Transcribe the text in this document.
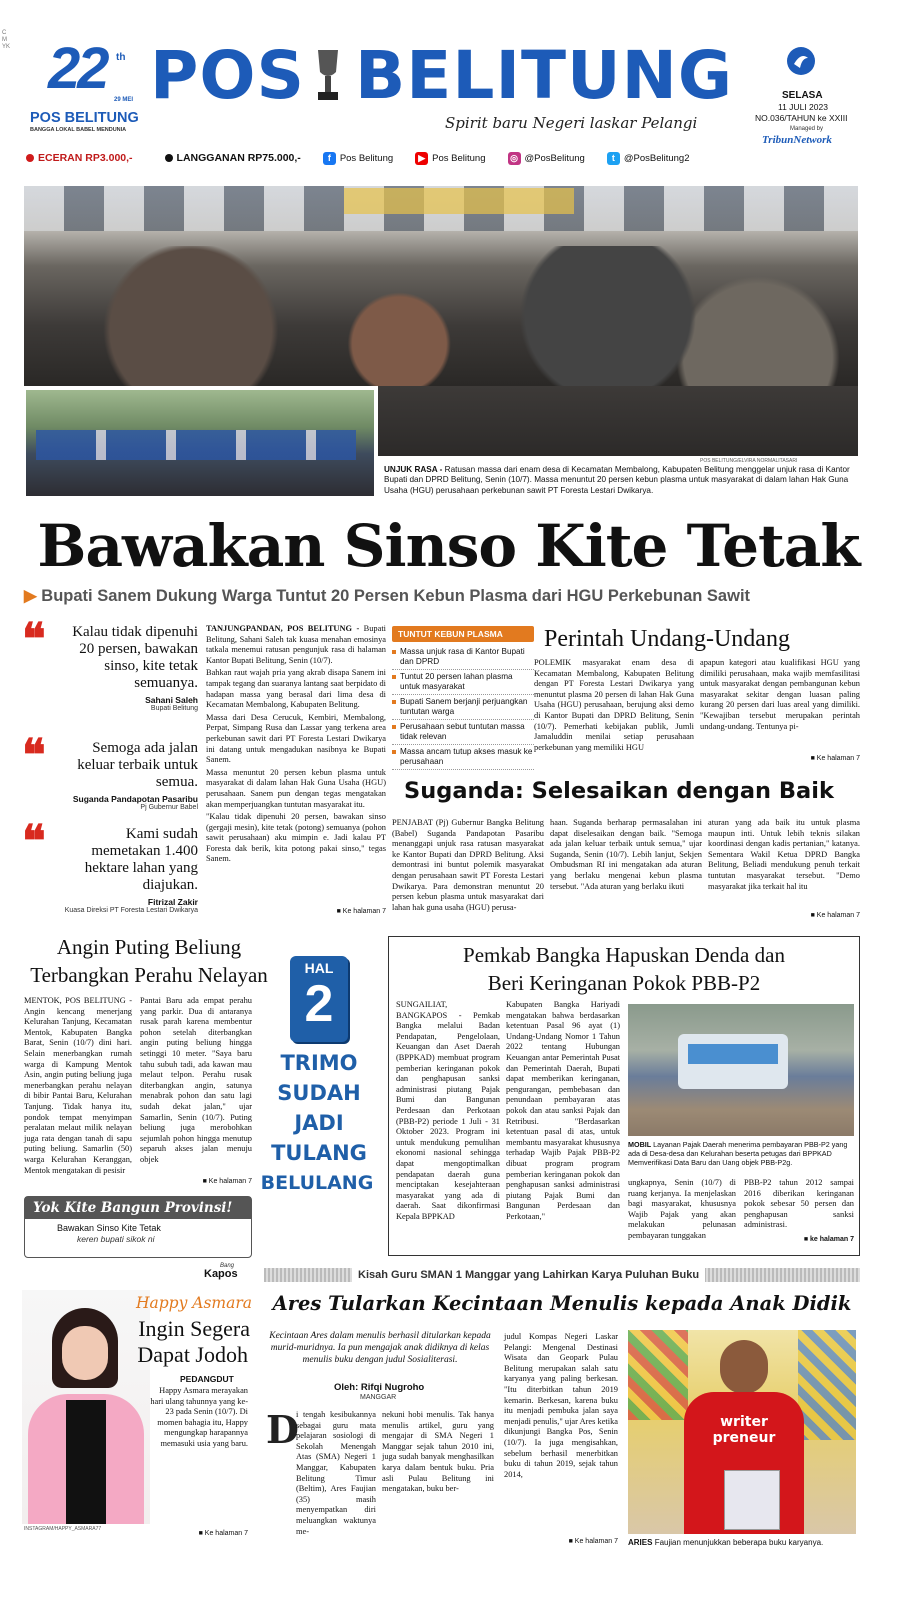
CMYK 22 th
29 MEI
POS BELITUNG
BANGGA LOKAL BABEL MENDUNIA
POS BELITUNG
Spirit baru Negeri laskar Pelangi
SELASA
11 JULI 2023
NO.036/TAHUN ke XXIII
Managed by
TribunNetwork
ECERAN RP3.000,-	LANGGANAN RP75.000,-	f Pos Belitung	▶ Pos Belitung	◎ @PosBelitung	t @PosBelitung2
POS BELITUNG/ELVIRA NORMALITASARI
UNJUK RASA - Ratusan massa dari enam desa di Kecamatan Membalong, Kabupaten Belitung menggelar unjuk rasa di Kantor Bupati dan DPRD Belitung, Senin (10/7). Massa menuntut 20 persen kebun plasma untuk masyarakat di dalam lahan Hak Guna Usaha (HGU) perusahaan perkebunan sawit PT Foresta Lestari Dwikarya.
Bawakan Sinso Kite Tetak
▶ Bupati Sanem Dukung Warga Tuntut 20 Persen Kebun Plasma dari HGU Perkebunan Sawit
❝ Kalau tidak dipenuhi 20 persen, bawakan sinso, kite tetak semuanya.
Sahani Saleh
Bupati Belitung
❝	Semoga ada jalan keluar terbaik untuk semua.
Suganda Pandapotan Pasaribu
Pj Gubernur Babel
❝	Kami sudah memetakan 1.400 hektare lahan yang diajukan.
Fitrizal Zakir
Kuasa Direksi PT Foresta Lestari Dwikarya

TANJUNGPANDAN, POS BELITUNG - Bupati Belitung, Sahani Saleh tak kuasa menahan emosinya tatkala menemui ratusan pengunjuk rasa di halaman Kantor Bupati Belitung, Senin (10/7).

Bahkan raut wajah pria yang akrab disapa Sanem ini tampak tegang dan suaranya lantang saat berpidato di hadapan massa yang berasal dari lima desa di Kecamatan Membalong, Kabupaten Belitung.

Massa dari Desa Cerucuk, Kembiri, Membalong, Perpat, Simpang Rusa dan Lassar yang terkena area perkebunan sawit dari PT Foresta Lestari Dwikarya ini datang untuk mengadukan nasibnya ke Bupati Sanem.

Massa menuntut 20 persen kebun plasma untuk masyarakat di dalam lahan Hak Guna Usaha (HGU) perusahaan. Sanem pun dengan tegas mengatakan akan memperjuangkan tuntutan masyarakat itu.

"Kalau tidak dipenuhi 20 persen, bawakan sinso (gergaji mesin), kite tetak (potong) semuanya (pohon sawit perusahaan) aku mimpin e. Jadi kalau PT Foresta dak berik, kita potong pakai sinso," tegas Sanem.

■ Ke halaman 7
TUNTUT KEBUN PLASMA
Massa unjuk rasa di Kantor Bupati dan DPRD
Tuntut 20 persen lahan plasma untuk masyarakat
Bupati Sanem berjanji perjuangkan tuntutan warga
Perusahaan sebut tuntutan massa tidak relevan
Massa ancam tutup akses masuk ke perusahaan
Perintah Undang-Undang
POLEMIK masyarakat enam desa di Kecamatan Membalong, Kabupaten Belitung dengan PT Foresta Lestari Dwikarya yang menuntut plasma 20 persen di lahan Hak Guna Usaha (HGU) perusahaan, berujung aksi demo di Kantor Bupati dan DPRD Belitung, Senin (10/7). Pemerhati kebijakan publik, Jumli Jamaluddin menilai setiap perusahaan perkebunan yang memiliki HGU
apapun kategori atau kualifikasi HGU yang dimiliki perusahaan, maka wajib memfasilitasi untuk masyarakat dengan pembangunan kebun masyarakat sekitar dengan luasan paling kurang 20 persen dari luas areal yang dimiliki. "Kewajiban tersebut merupakan perintah undang-undang. Tentunya pi-
■ Ke halaman 7
Suganda: Selesaikan dengan Baik
PENJABAT (Pj) Gubernur Bangka Belitung (Babel) Suganda Pandapotan Pasaribu menanggapi unjuk rasa ratusan masyarakat ke Kantor Bupati dan DPRD Belitung. Aksi demontrasi ini buntut polemik masyarakat dengan perusahaan sawit PT Foresta Lestari Dwikarya. Para demonstran menuntut 20 persen kebun plasma untuk masyarakat dari lahan hak guna usaha (HGU) perusa-
haan. Suganda berharap permasalahan ini dapat diselesaikan dengan baik. "Semoga ada jalan keluar terbaik untuk semua," ujar Suganda, Senin (10/7). Lebih lanjut, Sekjen Ombudsman RI ini mengatakan ada aturan yang berlaku mengenai kebun plasma tersebut. "Ada aturan yang berlaku ikuti
aturan yang ada baik itu untuk plasma maupun inti. Untuk lebih teknis silakan koordinasi dengan kadis pertanian," katanya. Sementara Wakil Ketua DPRD Bangka Belitung, Beliadi mendukung penuh terkait tuntutan masyarakat tersebut. "Demo masyarakat jika terkait hal itu
■ Ke halaman 7
Angin Puting Beliung
Terbangkan Perahu Nelayan
MENTOK, POS BELITUNG - Angin kencang menerjang Kelurahan Tanjung, Kecamatan Mentok, Kabupaten Bangka Barat, Senin (10/7) dini hari. Selain menerbangkan rumah warga di Kampung Mentok Asin, angin puting beliung juga menerbangkan perahu nelayan di bibir Pantai Baru, Kelurahan Tanjung. Tidak hanya itu, pondok tempat menyimpan peralatan melaut milik nelayan juga rata dengan tanah di sapu puting beliung. Samarlin (50) warga Kelurahan Keranggan, Mentok mengatakan di pesisir
Pantai Baru ada empat perahu yang parkir. Dua di antaranya rusak parah karena membentur pohon setelah diterbangkan angin puting beliung hingga setinggi 10 meter. "Saya baru tahu subuh tadi, ada kawan mau melaut telpon. Perahu rusak diterbangkan angin, satunya menabrak pohon dan satu lagi sudah dekat jalan," ujar Samarlin, Senin (10/7). Puting beliung juga merobohkan sejumlah pohon hingga menutup separuh akses jalan menuju objek
■ Ke halaman 7
Yok Kite Bangun Provinsi!
Bawakan Sinso Kite Tetak
keren bupati sikok ni
Bang
Kapos
HAL
2
TRIMO
SUDAH
JADI
TULANG
BELULANG
Pemkab Bangka Hapuskan Denda dan
Beri Keringanan Pokok PBB-P2
SUNGAILIAT, BANGKAPOS - Pemkab Bangka melalui Badan Pendapatan, Pengelolaan, Keuangan dan Aset Daerah (BPPKAD) membuat program pemberian keringanan pokok dan penghapusan sanksi administrasi piutang Pajak Bumi dan Bangunan Perdesaan dan Perkotaan (PBB-P2) periode 1 Juli - 31 Oktober 2023. Program ini untuk mendukung pemulihan ekonomi nasional sehingga dapat mengoptimalkan pendapatan daerah guna menciptakan kesejahteraan masyarakat yang ada di daerah. Saat dikonfirmasi Kepala BPPKAD
Kabupaten Bangka Hariyadi mengatakan bahwa berdasarkan ketentuan Pasal 96 ayat (1) Undang-Undang Nomor 1 Tahun 2022 tentang Hubungan Keuangan antar Pemerintah Pusat dan Pemerintah Daerah, Bupati dapat memberikan keringanan, pengurangan, pembebasan dan penundaan pembayaran atas pokok dan atau sanksi Pajak dan Retribusi. "Berdasarkan ketentuan pasal di atas, untuk membantu masyarakat khususnya terhadap Wajib Pajak PBB-P2 dibuat program program pemberian keringanan pokok dan penghapusan sanksi administrasi piutang Pajak Bumi dan Bangunan Perdesaan dan Perkotaan,"
MOBIL Layanan Pajak Daerah menerima pembayaran PBB-P2 yang ada di Desa-desa dan Kelurahan beserta petugas dari BPPKAD Memverifikasi Data Baru dan Uang objek PBB-P2g.
ungkapnya, Senin (10/7) di ruang kerjanya. Ia menjelaskan bagi masyarakat, khususnya Wajib Pajak yang akan melakukan pelunasan pembayaran tunggakan
PBB-P2 tahun 2012 sampai 2016 diberikan keringanan pokok sebesar 50 persen dan penghapusan sanksi administrasi.
■ ke halaman 7
Kisah Guru SMAN 1 Manggar yang Lahirkan Karya Puluhan Buku
INSTAGRAM/HAPPY_ASMARA77
Happy Asmara
Ingin Segera
Dapat Jodoh
PEDANGDUT
Happy Asmara merayakan hari ulang tahunnya yang ke-23 pada Senin (10/7). Di momen bahagia itu, Happy mengungkap harapannya memasuki usia yang baru.
■ Ke halaman 7
Ares Tularkan Kecintaan Menulis kepada Anak Didik
Kecintaan Ares dalam menulis berhasil ditularkan kepada murid-muridnya. Ia pun mengajak anak didiknya di kelas menulis buku dengan judul Sosialiterasi.
Oleh: Rifqi Nugroho
MANGGAR
D
i tengah kesibukannya sebagai guru mata pelajaran sosiologi di Sekolah Menengah Atas (SMA) Negeri 1 Manggar, Kabupaten Belitung Timur (Beltim), Ares Faujian (35) masih menyempatkan diri meluangkan waktunya me-
nekuni hobi menulis. Tak hanya menulis artikel, guru yang mengajar di SMA Negeri 1 Manggar sejak tahun 2010 ini, juga sudah banyak menghasilkan karya dalam bentuk buku. Pria asli Pulau Belitung ini mengatakan, buku ber-
judul Kompas Negeri Laskar Pelangi: Mengenal Destinasi Wisata dan Geopark Pulau Belitung merupakan salah satu karyanya yang paling berkesan. "Itu diterbitkan tahun 2019 kemarin. Berkesan, karena buku itu menjadi pembuka jalan saya menjadi penulis," ujar Ares ketika dikunjungi Bangka Pos, Senin (10/7). Ia juga mengisahkan, sebelum berhasil menerbitkan buku di tahun 2019, sejak tahun 2014,
■ Ke halaman 7
writer
preneur
ARIES Faujian menunjukkan beberapa buku karyanya.
